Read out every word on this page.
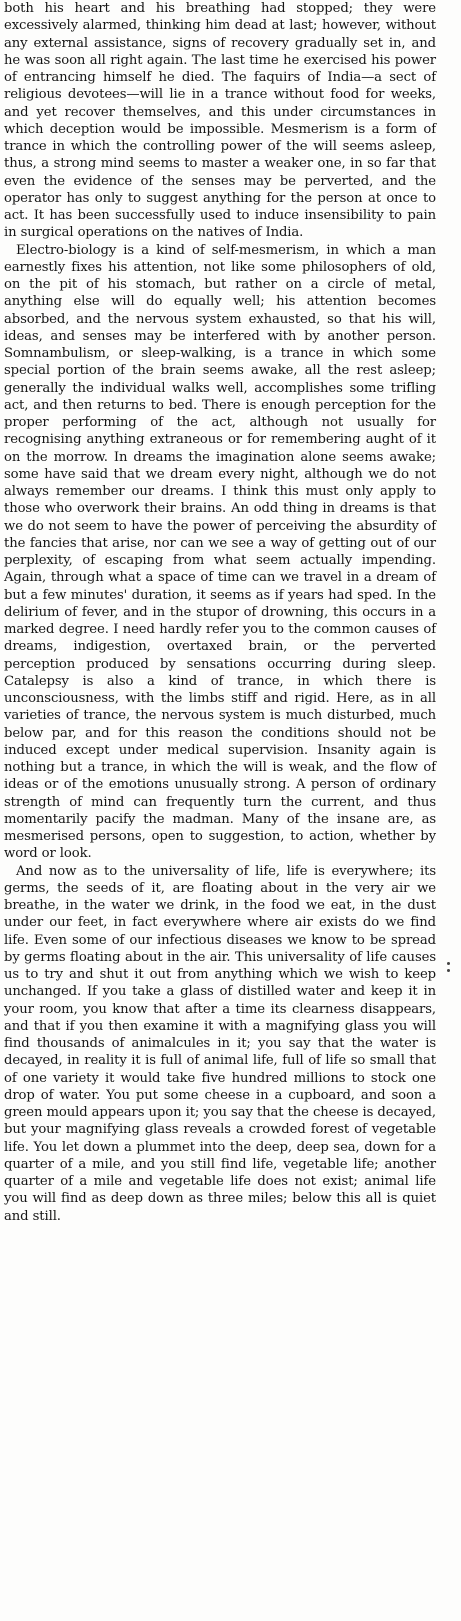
both his heart and his breathing had stopped; they were excessively alarmed, thinking him dead at last; however, without any external assistance, signs of recovery gradually set in, and he was soon all right again. The last time he exercised his power of entrancing himself he died. The faquirs of India—a sect of religious devotees—will lie in a trance without food for weeks, and yet recover themselves, and this under circumstances in which deception would be impossible. Mesmerism is a form of trance in which the controlling power of the will seems asleep, thus, a strong mind seems to master a weaker one, in so far that even the evidence of the senses may be perverted, and the operator has only to suggest anything for the person at once to act. It has been successfully used to induce insensibility to pain in surgical operations on the natives of India.

Electro-biology is a kind of self-mesmerism, in which a man earnestly fixes his attention, not like some philosophers of old, on the pit of his stomach, but rather on a circle of metal, anything else will do equally well; his attention becomes absorbed, and the nervous system exhausted, so that his will, ideas, and senses may be interfered with by another person. Somnambulism, or sleep-walking, is a trance in which some special portion of the brain seems awake, all the rest asleep; generally the individual walks well, accomplishes some trifling act, and then returns to bed. There is enough perception for the proper performing of the act, although not usually for recognising anything extraneous or for remembering aught of it on the morrow. In dreams the imagination alone seems awake; some have said that we dream every night, although we do not always remember our dreams. I think this must only apply to those who overwork their brains. An odd thing in dreams is that we do not seem to have the power of perceiving the absurdity of the fancies that arise, nor can we see a way of getting out of our perplexity, of escaping from what seem actually impending. Again, through what a space of time can we travel in a dream of but a few minutes' duration, it seems as if years had sped. In the delirium of fever, and in the stupor of drowning, this occurs in a marked degree. I need hardly refer you to the common causes of dreams, indigestion, overtaxed brain, or the perverted perception produced by sensations occurring during sleep. Catalepsy is also a kind of trance, in which there is unconsciousness, with the limbs stiff and rigid. Here, as in all varieties of trance, the nervous system is much disturbed, much below par, and for this reason the conditions should not be induced except under medical supervision. Insanity again is nothing but a trance, in which the will is weak, and the flow of ideas or of the emotions unusually strong. A person of ordinary strength of mind can frequently turn the current, and thus momentarily pacify the madman. Many of the insane are, as mesmerised persons, open to suggestion, to action, whether by word or look.

And now as to the universality of life, life is everywhere; its germs, the seeds of it, are floating about in the very air we breathe, in the water we drink, in the food we eat, in the dust under our feet, in fact everywhere where air exists do we find life. Even some of our infectious diseases we know to be spread by germs floating about in the air. This universality of life causes us to try and shut it out from anything which we wish to keep unchanged. If you take a glass of distilled water and keep it in your room, you know that after a time its clearness disappears, and that if you then examine it with a magnifying glass you will find thousands of animalcules in it; you say that the water is decayed, in reality it is full of animal life, full of life so small that of one variety it would take five hundred millions to stock one drop of water. You put some cheese in a cupboard, and soon a green mould appears upon it; you say that the cheese is decayed, but your magnifying glass reveals a crowded forest of vegetable life. You let down a plummet into the deep, deep sea, down for a quarter of a mile, and you still find life, vegetable life; another quarter of a mile and vegetable life does not exist; animal life you will find as deep down as three miles; below this all is quiet and still.
